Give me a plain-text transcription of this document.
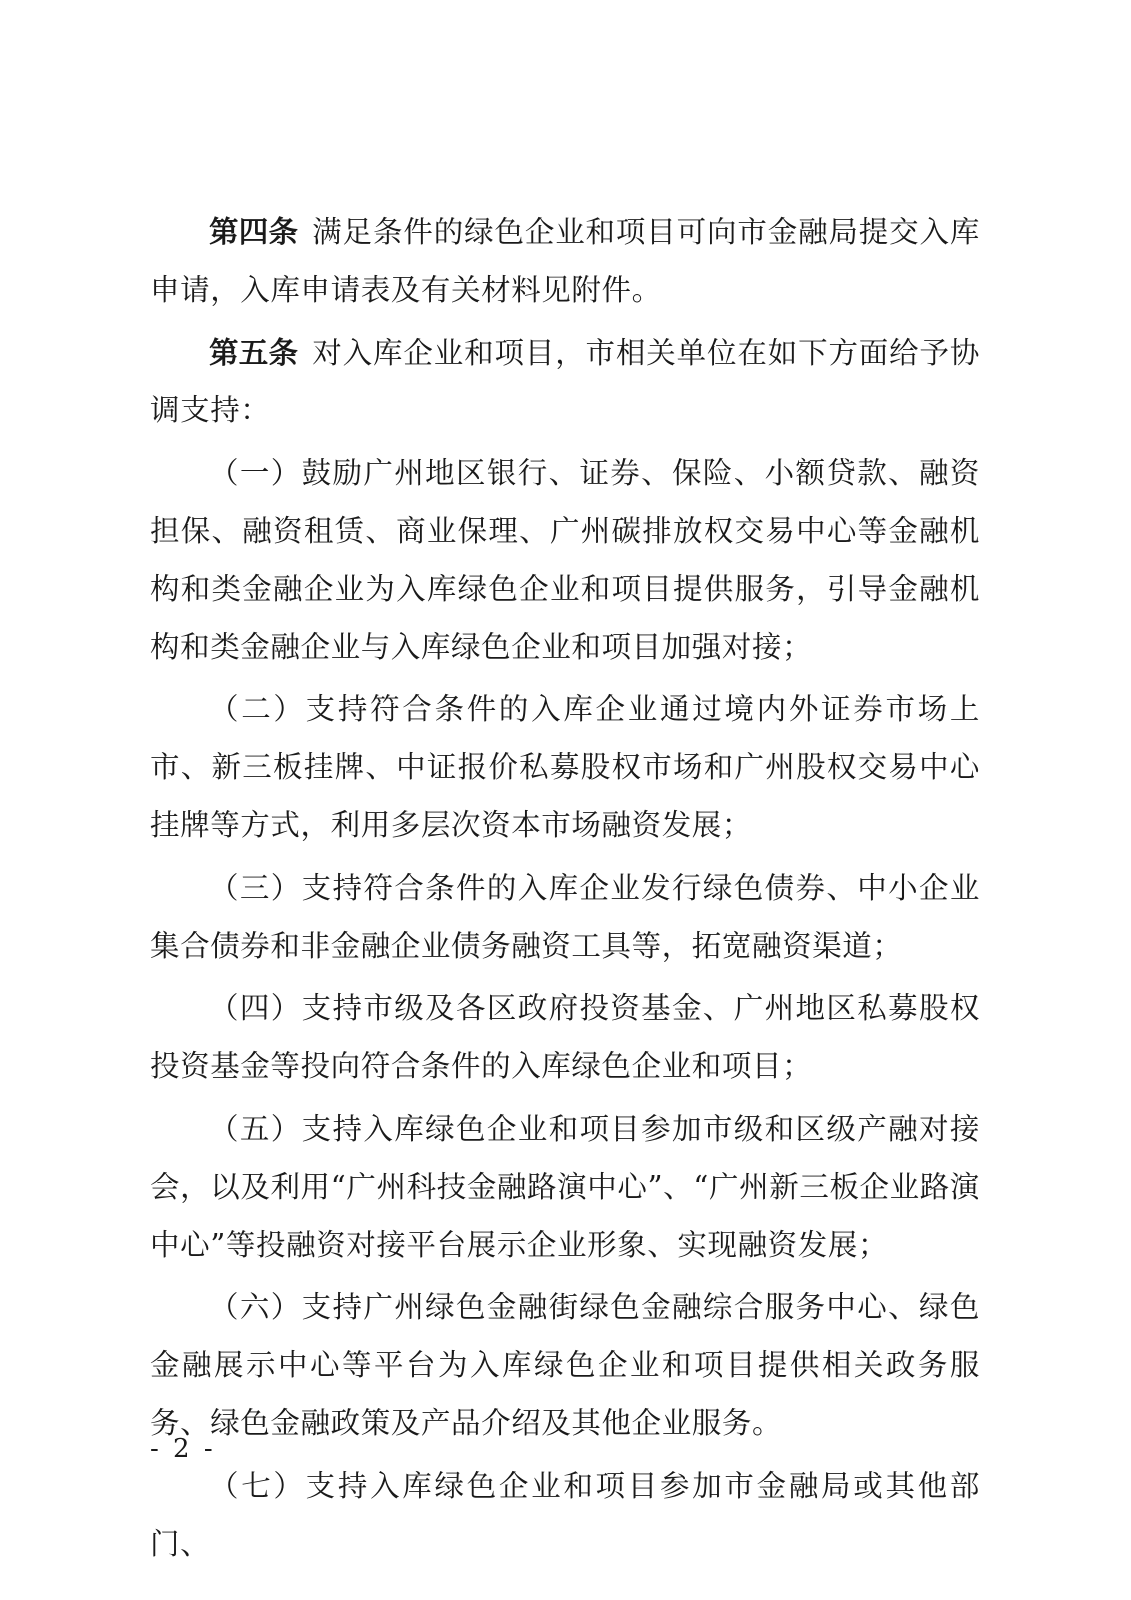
第四条 满足条件的绿色企业和项目可向市金融局提交入库申请，入库申请表及有关材料见附件。

第五条 对入库企业和项目，市相关单位在如下方面给予协调支持：

（一）鼓励广州地区银行、证券、保险、小额贷款、融资担保、融资租赁、商业保理、广州碳排放权交易中心等金融机构和类金融企业为入库绿色企业和项目提供服务，引导金融机构和类金融企业与入库绿色企业和项目加强对接；

（二）支持符合条件的入库企业通过境内外证券市场上市、新三板挂牌、中证报价私募股权市场和广州股权交易中心挂牌等方式，利用多层次资本市场融资发展；

（三）支持符合条件的入库企业发行绿色债券、中小企业集合债券和非金融企业债务融资工具等，拓宽融资渠道；

（四）支持市级及各区政府投资基金、广州地区私募股权投资基金等投向符合条件的入库绿色企业和项目；

（五）支持入库绿色企业和项目参加市级和区级产融对接会，以及利用“广州科技金融路演中心”、“广州新三板企业路演中心”等投融资对接平台展示企业形象、实现融资发展；

（六）支持广州绿色金融街绿色金融综合服务中心、绿色金融展示中心等平台为入库绿色企业和项目提供相关政务服务、绿色金融政策及产品介绍及其他企业服务。

（七）支持入库绿色企业和项目参加市金融局或其他部门、

- 2 -
